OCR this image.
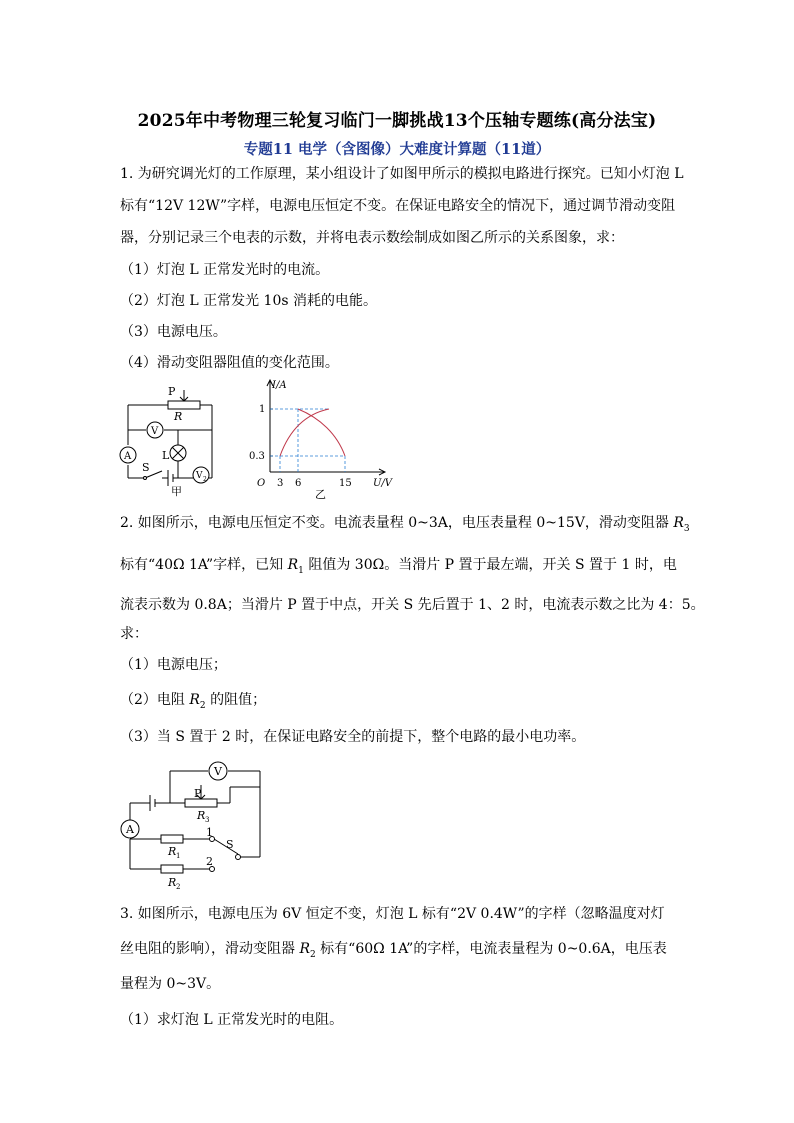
2025年中考物理三轮复习临门一脚挑战13个压轴专题练(高分法宝)
专题11 电学（含图像）大难度计算题（11道）
1. 为研究调光灯的工作原理，某小组设计了如图甲所示的模拟电路进行探究。已知小灯泡 L
标有“12V 12W”字样，电源电压恒定不变。在保证电路安全的情况下，通过调节滑动变阻
器，分别记录三个电表的示数，并将电表示数绘制成如图乙所示的关系图象，求：
（1）灯泡 L 正常发光时的电流。
（2）灯泡 L 正常发光 10s 消耗的电能。
（3）电源电压。
（4）滑动变阻器阻值的变化范围。
P
R
V
A
S
L
V 2
甲
I/A
U/V
O
1
0.3
3 6	15
乙
2. 如图所示，电源电压恒定不变。电流表量程 0~3A，电压表量程 0~15V，滑动变阻器 $R_3$
标有“40Ω 1A”字样，已知 $R_1$ 阻值为 30Ω。当滑片 P 置于最左端，开关 S 置于 1 时，电
流表示数为 0.8A；当滑片 P 置于中点，开关 S 先后置于 1、2 时，电流表示数之比为 4：5。
求：
（1）电源电压；
（2）电阻 $R_2$ 的阻值；
（3）当 S 置于 2 时，在保证电路安全的前提下，整个电路的最小电功率。
V
A
P
R 3
R 1
R 2
1
2
S
3. 如图所示，电源电压为 6V 恒定不变，灯泡 L 标有“2V 0.4W”的字样（忽略温度对灯
丝电阻的影响），滑动变阻器 $R_2$ 标有“60Ω 1A”的字样，电流表量程为 0~0.6A，电压表
量程为 0~3V。
（1）求灯泡 L 正常发光时的电阻。
